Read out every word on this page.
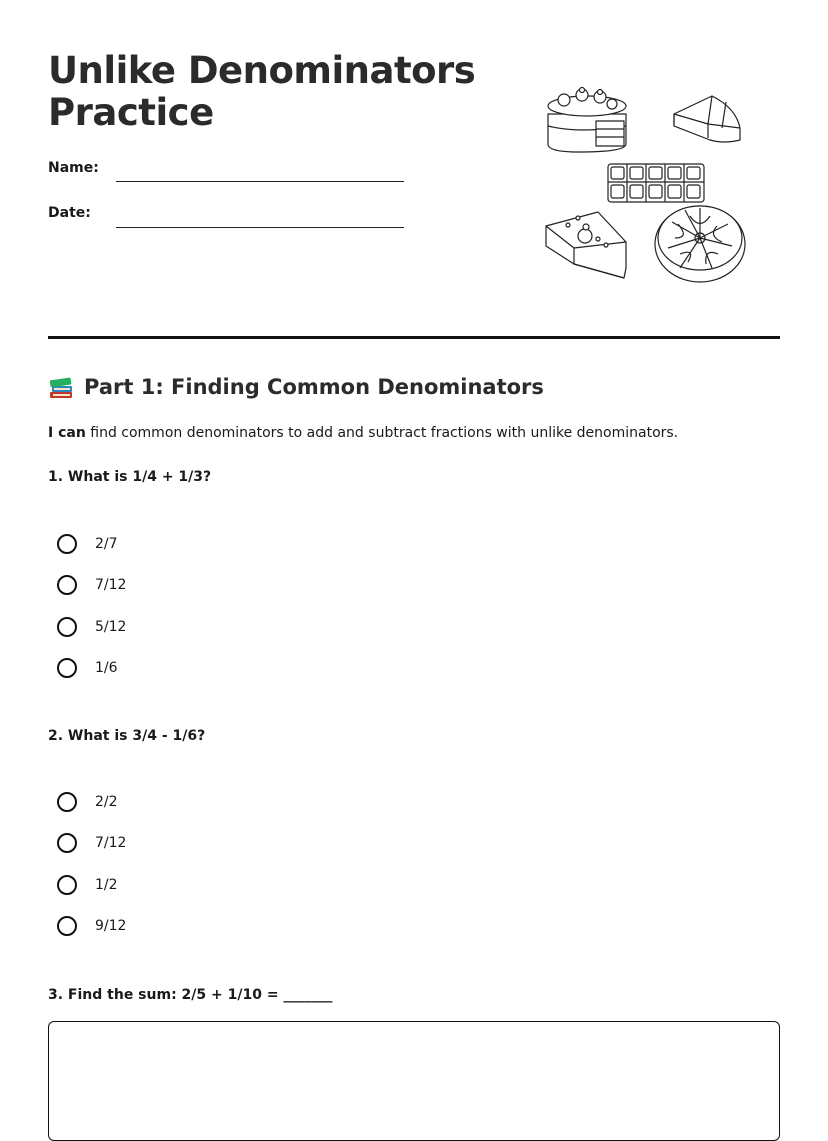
Unlike Denominators
Practice
Name:
Date:
Part 1: Finding Common Denominators
I can find common denominators to add and subtract fractions with unlike denominators.
1. What is 1/4 + 1/3?
2/7
7/12
5/12
1/6
2. What is 3/4 - 1/6?
2/2
7/12
1/2
9/12
3. Find the sum: 2/5 + 1/10 = _______
